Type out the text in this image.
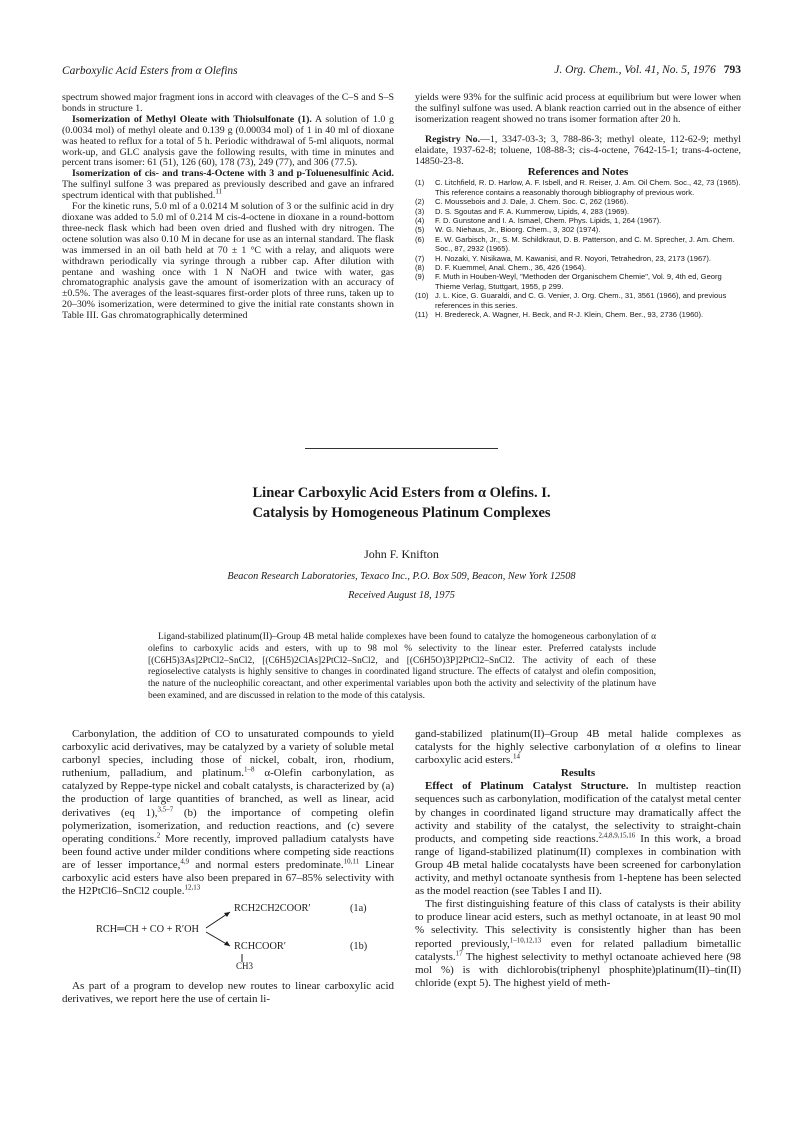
Carboxylic Acid Esters from α Olefins	J. Org. Chem., Vol. 41, No. 5, 1976 793

spectrum showed major fragment ions in accord with cleavages of the C–S and S–S bonds in structure 1.

Isomerization of Methyl Oleate with Thiolsulfonate (1). A solution of 1.0 g (0.0034 mol) of methyl oleate and 0.139 g (0.00034 mol) of 1 in 40 ml of dioxane was heated to reflux for a total of 5 h. Periodic withdrawal of 5-ml aliquots, normal work-up, and GLC analysis gave the following results, with time in minutes and percent trans isomer: 61 (51), 126 (60), 178 (73), 249 (77), and 306 (77.5).

Isomerization of cis- and trans-4-Octene with 3 and p-Toluenesulfinic Acid. The sulfinyl sulfone 3 was prepared as previously described and gave an infrared spectrum identical with that published.$^{11}$

For the kinetic runs, 5.0 ml of a 0.0214 M solution of 3 or the sulfinic acid in dry dioxane was added to 5.0 ml of 0.214 M cis-4-octene in dioxane in a round-bottom three-neck flask which had been oven dried and flushed with dry nitrogen. The octene solution was also 0.10 M in decane for use as an internal standard. The flask was immersed in an oil bath held at 70 ± 1 °C with a relay, and aliquots were withdrawn periodically via syringe through a rubber cap. After dilution with pentane and washing once with 1 N NaOH and twice with water, gas chromatographic analysis gave the amount of isomerization with an accuracy of ±0.5%. The averages of the least-squares first-order plots of three runs, taken up to 20–30% isomerization, were determined to give the initial rate constants shown in Table III. Gas chromatographically determined

yields were 93% for the sulfinic acid process at equilibrium but were lower when the sulfinyl sulfone was used. A blank reaction carried out in the absence of either isomerization reagent showed no trans isomer formation after 20 h.

Registry No.—1, 3347-03-3; 3, 788-86-3; methyl oleate, 112-62-9; methyl elaidate, 1937-62-8; toluene, 108-88-3; cis-4-octene, 7642-15-1; trans-4-octene, 14850-23-8.

References and Notes

(1)	C. Litchfield, R. D. Harlow, A. F. Isbell, and R. Reiser, J. Am. Oil Chem. Soc., 42, 73 (1965). This reference contains a reasonably thorough bibliography of previous work.
(2)	C. Moussebois and J. Dale, J. Chem. Soc. C, 262 (1966).
(3)	D. S. Sgoutas and F. A. Kummerow, Lipids, 4, 283 (1969).
(4)	F. D. Gunstone and I. A. Ismael, Chem. Phys. Lipids, 1, 264 (1967).
(5)	W. G. Niehaus, Jr., Bioorg. Chem., 3, 302 (1974).
(6)	E. W. Garbisch, Jr., S. M. Schildkraut, D. B. Patterson, and C. M. Sprecher, J. Am. Chem. Soc., 87, 2932 (1965).
(7)	H. Nozaki, Y. Nisikawa, M. Kawanisi, and R. Noyori, Tetrahedron, 23, 2173 (1967).
(8)	D. F. Kuemmel, Anal. Chem., 36, 426 (1964).
(9)	F. Muth in Houben-Weyl, "Methoden der Organischem Chemie", Vol. 9, 4th ed, Georg Thieme Verlag, Stuttgart, 1955, p 299.
(10) J. L. Kice, G. Guaraldi, and C. G. Venier, J. Org. Chem., 31, 3561 (1966), and previous references in this series.
(11) H. Bredereck, A. Wagner, H. Beck, and R-J. Klein, Chem. Ber., 93, 2736 (1960).
Linear Carboxylic Acid Esters from α Olefins. I.
Catalysis by Homogeneous Platinum Complexes
John F. Knifton
Beacon Research Laboratories, Texaco Inc., P.O. Box 509, Beacon, New York 12508
Received August 18, 1975
Ligand-stabilized platinum(II)–Group 4B metal halide complexes have been found to catalyze the homogeneous carbonylation of α olefins to carboxylic acids and esters, with up to 98 mol % selectivity to the linear ester. Preferred catalysts include [(C6H5)3As]2PtCl2–SnCl2, [(C6H5)2ClAs]2PtCl2–SnCl2, and [(C6H5O)3P]2PtCl2–SnCl2. The activity of each of these regioselective catalysts is highly sensitive to changes in coordinated ligand structure. The effects of catalyst and olefin composition, the nature of the nucleophilic coreactant, and other experimental variables upon both the activity and selectivity of the platinum have been examined, and are discussed in relation to the mode of this catalysis.

Carbonylation, the addition of CO to unsaturated compounds to yield carboxylic acid derivatives, may be catalyzed by a variety of soluble metal carbonyl species, including those of nickel, cobalt, iron, rhodium, ruthenium, palladium, and platinum.$^{1-8}$ α-Olefin carbonylation, as catalyzed by Reppe-type nickel and cobalt catalysts, is characterized by (a) the production of large quantities of branched, as well as linear, acid derivatives (eq 1),$^{3,5-7}$ (b) the importance of competing olefin polymerization, isomerization, and reduction reactions, and (c) severe operating conditions.$^2$ More recently, improved palladium catalysts have been found active under milder conditions where competing side reactions are of lesser importance,$^{4,9}$ and normal esters predominate.$^{10,11}$ Linear carboxylic acid esters have also been prepared in 67–85% selectivity with the H2PtCl6–SnCl2 couple.$^{12,13}$

RCH═CH + CO + R′OH
RCH2CH2COOR′	(1a)
RCHCOOR′	(1b)
CH3

As part of a program to develop new routes to linear carboxylic acid derivatives, we report here the use of certain li-

gand-stabilized platinum(II)–Group 4B metal halide complexes as catalysts for the highly selective carbonylation of α olefins to linear carboxylic acid esters.$^{14}$

Results

Effect of Platinum Catalyst Structure. In multistep reaction sequences such as carbonylation, modification of the catalyst metal center by changes in coordinated ligand structure may dramatically affect the activity and stability of the catalyst, the selectivity to straight-chain products, and competing side reactions.$^{2,4,8,9,15,16}$ In this work, a broad range of ligand-stabilized platinum(II) complexes in combination with Group 4B metal halide cocatalysts have been screened for carbonylation activity, and methyl octanoate synthesis from 1-heptene has been selected as the model reaction (see Tables I and II).

The first distinguishing feature of this class of catalysts is their ability to produce linear acid esters, such as methyl octanoate, in at least 90 mol % selectivity. This selectivity is consistently higher than has been reported previously,$^{1-10,12,13}$ even for related palladium bimetallic catalysts.$^{17}$ The highest selectivity to methyl octanoate achieved here (98 mol %) is with dichlorobis(triphenyl phosphite)platinum(II)–tin(II) chloride (expt 5). The highest yield of meth-
